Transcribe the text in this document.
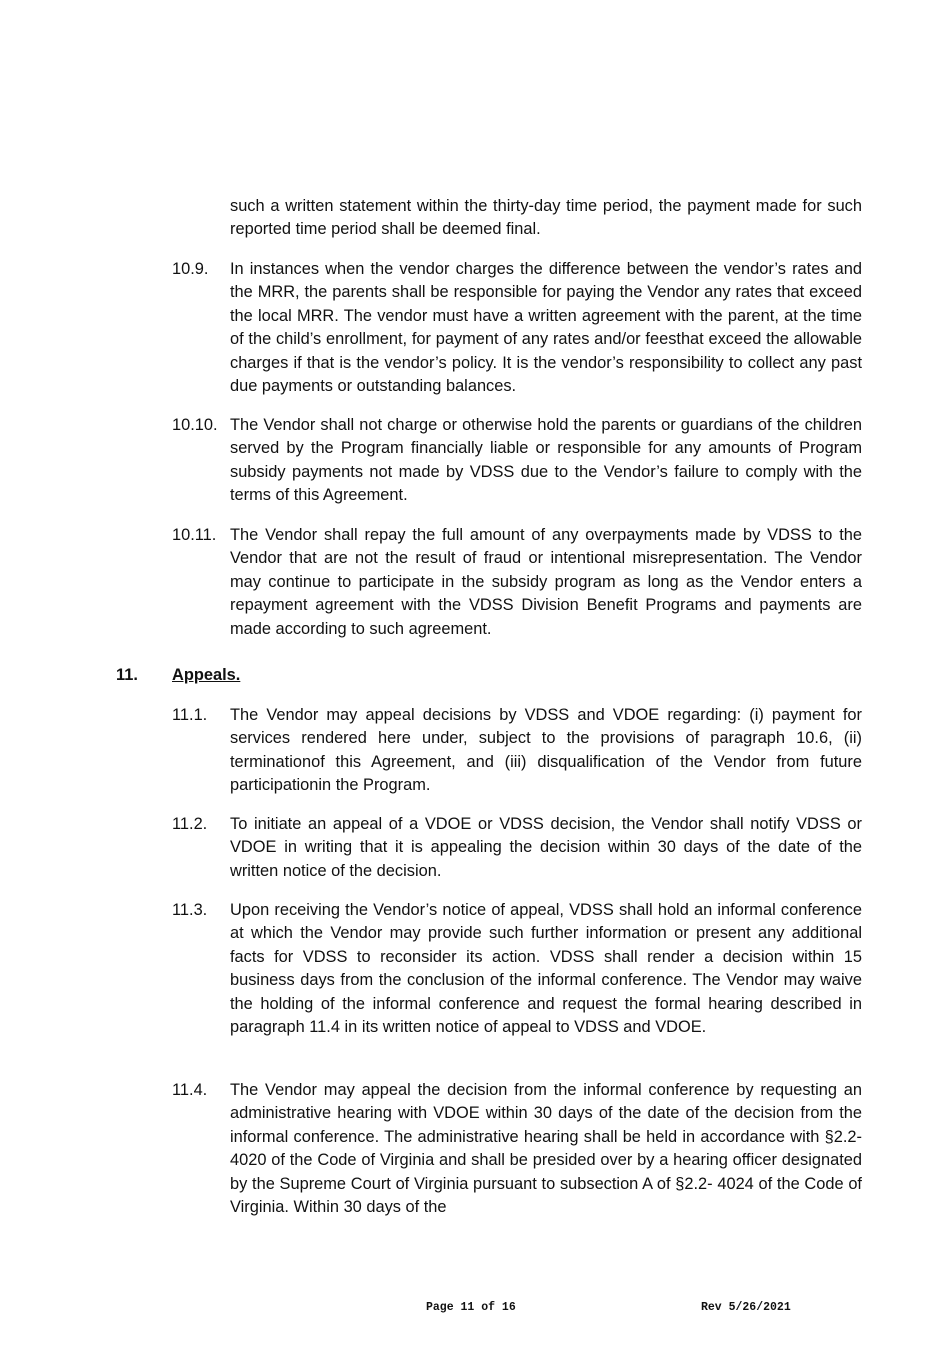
such a written statement within the thirty-day time period, the payment made for such reported time period shall be deemed final.

10.9. In instances when the vendor charges the difference between the vendor’s rates and the MRR, the parents shall be responsible for paying the Vendor any rates that exceed the local MRR. The vendor must have a written agreement with the parent, at the time of the child’s enrollment, for payment of any rates and/or feesthat exceed the allowable charges if that is the vendor’s policy. It is the vendor’s responsibility to collect any past due payments or outstanding balances.

10.10. The Vendor shall not charge or otherwise hold the parents or guardians of the children served by the Program financially liable or responsible for any amounts of Program subsidy payments not made by VDSS due to the Vendor’s failure to comply with the terms of this Agreement.

10.11. The Vendor shall repay the full amount of any overpayments made by VDSS to the Vendor that are not the result of fraud or intentional misrepresentation. The Vendor may continue to participate in the subsidy program as long as the Vendor enters a repayment agreement with the VDSS Division Benefit Programs and payments are made according to such agreement.

11. Appeals.
11.1. The Vendor may appeal decisions by VDSS and VDOE regarding: (i) payment for services rendered here under, subject to the provisions of paragraph 10.6, (ii) terminationof this Agreement, and (iii) disqualification of the Vendor from future participationin the Program.

11.2. To initiate an appeal of a VDOE or VDSS decision, the Vendor shall notify VDSS or VDOE in writing that it is appealing the decision within 30 days of the date of the written notice of the decision.

11.3. Upon receiving the Vendor’s notice of appeal, VDSS shall hold an informal conference at which the Vendor may provide such further information or present any additional facts for VDSS to reconsider its action. VDSS shall render a decision within 15 business days from the conclusion of the informal conference. The Vendor may waive the holding of the informal conference and request the formal hearing described in paragraph 11.4 in its written notice of appeal to VDSS and VDOE.

11.4. The Vendor may appeal the decision from the informal conference by requesting an administrative hearing with VDOE within 30 days of the date of the decision from the informal conference. The administrative hearing shall be held in accordance with §2.2-4020 of the Code of Virginia and shall be presided over by a hearing officer designated by the Supreme Court of Virginia pursuant to subsection A of §2.2- 4024 of the Code of Virginia. Within 30 days of the

Page 11 of 16	Rev 5/26/2021
